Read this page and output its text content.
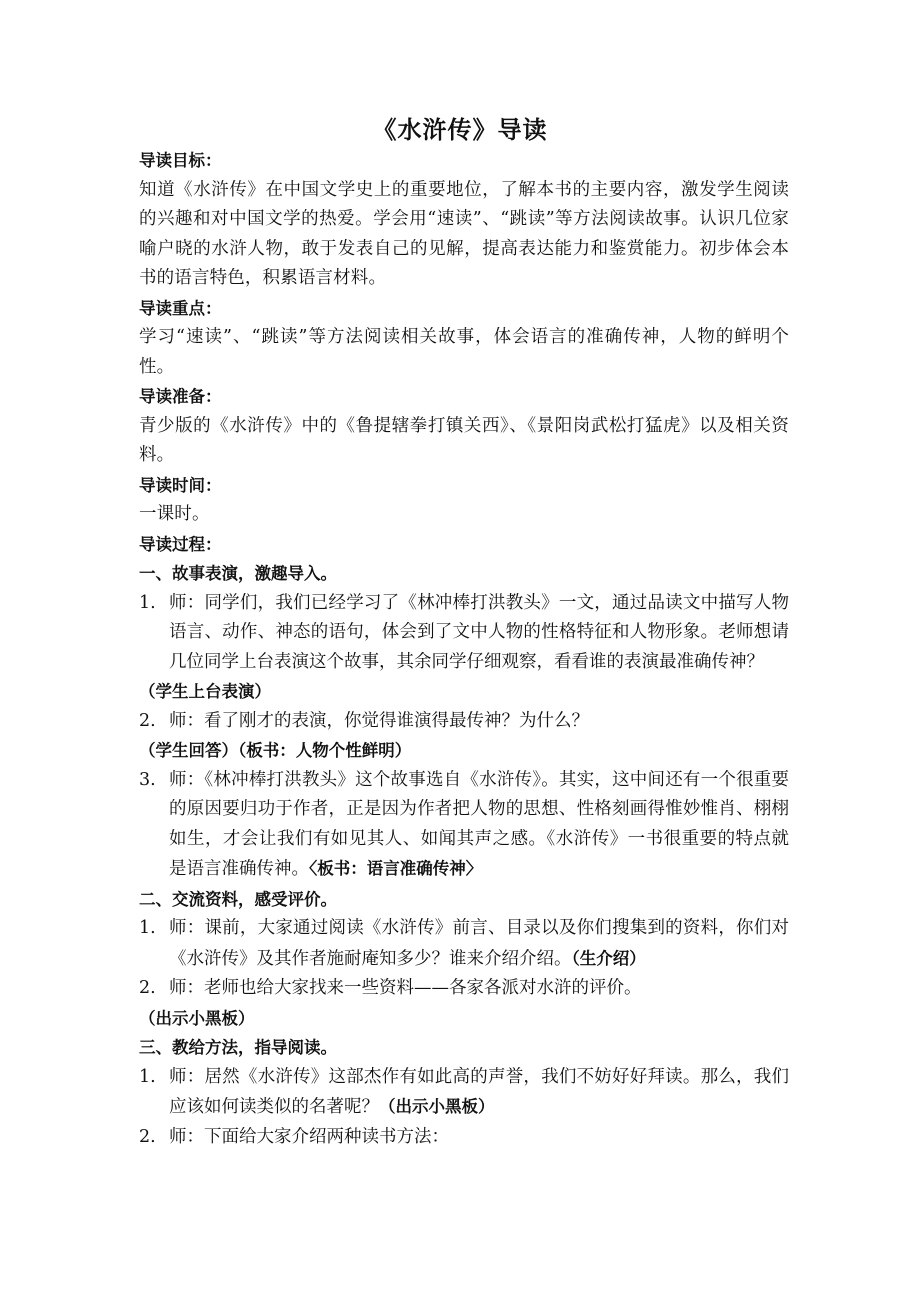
《水浒传》导读

导读目标：

知道《水浒传》在中国文学史上的重要地位，了解本书的主要内容，激发学生阅读的兴趣和对中国文学的热爱。学会用“速读”、“跳读”等方法阅读故事。认识几位家喻户晓的水浒人物，敢于发表自己的见解，提高表达能力和鉴赏能力。初步体会本书的语言特色，积累语言材料。

导读重点：

学习“速读”、“跳读”等方法阅读相关故事，体会语言的准确传神，人物的鲜明个性。

导读准备：

青少版的《水浒传》中的《鲁提辖拳打镇关西》、《景阳岗武松打猛虎》以及相关资料。

导读时间：

一课时。

导读过程：

一、故事表演，激趣导入。

1. 师：同学们，我们已经学习了《林冲棒打洪教头》一文，通过品读文中描写人物语言、动作、神态的语句，体会到了文中人物的性格特征和人物形象。老师想请几位同学上台表演这个故事，其余同学仔细观察，看看谁的表演最准确传神？

（学生上台表演）

2. 师：看了刚才的表演，你觉得谁演得最传神？为什么？

（学生回答）（板书：人物个性鲜明）

3. 师：《林冲棒打洪教头》这个故事选自《水浒传》。其实，这中间还有一个很重要的原因要归功于作者，正是因为作者把人物的思想、性格刻画得惟妙惟肖、栩栩如生，才会让我们有如见其人、如闻其声之感。《水浒传》一书很重要的特点就是语言准确传神。〈板书：语言准确传神〉

二、交流资料，感受评价。

1. 师：课前，大家通过阅读《水浒传》前言、目录以及你们搜集到的资料，你们对《水浒传》及其作者施耐庵知多少？谁来介绍介绍。（生介绍）
2. 师：老师也给大家找来一些资料——各家各派对水浒的评价。

（出示小黑板）

三、教给方法，指导阅读。

1. 师：居然《水浒传》这部杰作有如此高的声誉，我们不妨好好拜读。那么，我们应该如何读类似的名著呢？（出示小黑板）
2. 师：下面给大家介绍两种读书方法：
